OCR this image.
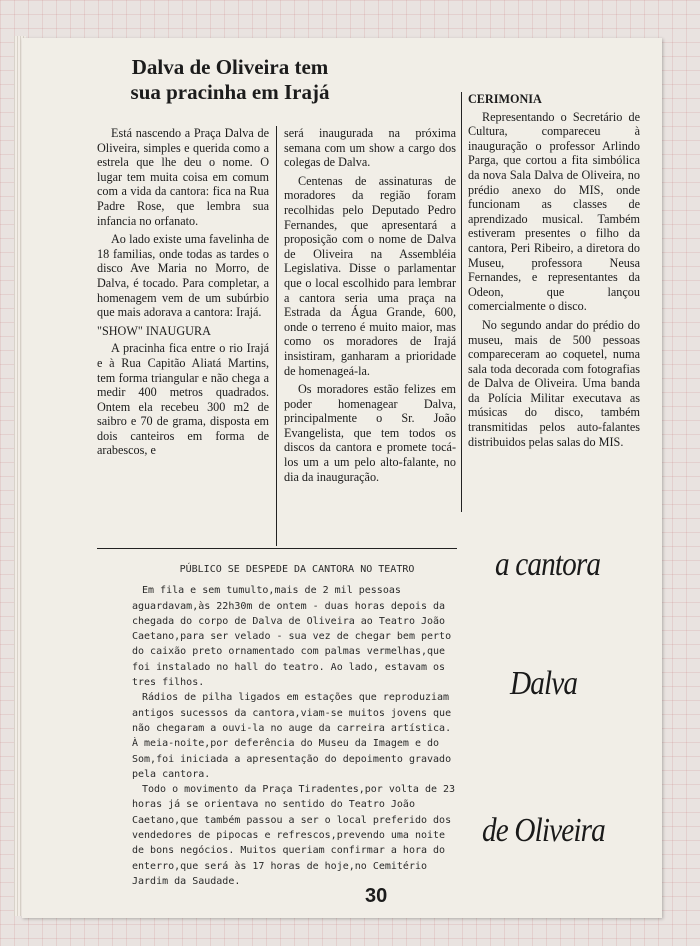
Dalva de Oliveira tem
sua pracinha em Irajá

Está nascendo a Praça Dalva de Oliveira, simples e querida como a estrela que lhe deu o nome. O lugar tem muita coisa em comum com a vida da cantora: fica na Rua Padre Rose, que lembra sua infancia no orfanato.

Ao lado existe uma favelinha de 18 familias, onde todas as tardes o disco Ave Maria no Morro, de Dalva, é tocado. Para completar, a homenagem vem de um subúrbio que mais adorava a cantora: Irajá.

"SHOW" INAUGURA

A pracinha fica entre o rio Irajá e à Rua Capitão Aliatá Martins, tem forma triangular e não chega a medir 400 metros quadrados. Ontem ela recebeu 300 m2 de saibro e 70 de grama, disposta em dois canteiros em forma de arabescos, e

será inaugurada na próxima semana com um show a cargo dos colegas de Dalva.

Centenas de assinaturas de moradores da região foram recolhidas pelo Deputado Pedro Fernandes, que apresentará a proposição com o nome de Dalva de Oliveira na Assembléia Legislativa. Disse o parlamentar que o local escolhido para lembrar a cantora seria uma praça na Estrada da Água Grande, 600, onde o terreno é muito maior, mas como os moradores de Irajá insistiram, ganharam a prioridade de homenageá-la.

Os moradores estão felizes em poder homenagear Dalva, principalmente o Sr. João Evangelista, que tem todos os discos da cantora e promete tocá-los um a um pelo alto-falante, no dia da inauguração.

CERIMONIA

Representando o Secretário de Cultura, compareceu à inauguração o professor Arlindo Parga, que cortou a fita simbólica da nova Sala Dalva de Oliveira, no prédio anexo do MIS, onde funcionam as classes de aprendizado musical. Também estiveram presentes o filho da cantora, Peri Ribeiro, a diretora do Museu, professora Neusa Fernandes, e representantes da Odeon, que lançou comercialmente o disco.

No segundo andar do prédio do museu, mais de 500 pessoas compareceram ao coquetel, numa sala toda decorada com fotografias de Dalva de Oliveira. Uma banda da Polícia Militar executava as músicas do disco, também transmitidas pelos auto-falantes distribuidos pelas salas do MIS.

PÚBLICO SE DESPEDE DA CANTORA NO TEATRO

Em fila e sem tumulto,mais de 2 mil pessoas aguardavam,às 22h30m de ontem - duas horas depois da chegada do corpo de Dalva de Oliveira ao Teatro João Caetano,para ser velado - sua vez de chegar bem perto do caixão preto ornamentado com palmas vermelhas,que foi instalado no hall do teatro. Ao lado, estavam os tres filhos.

Rádios de pilha ligados em estações que reproduziam antigos sucessos da cantora,viam-se muitos jovens que não chegaram a ouvi-la no auge da carreira artística. À meia-noite,por deferência do Museu da Imagem e do Som,foi iniciada a apresentação do depoimento gravado pela cantora.

Todo o movimento da Praça Tiradentes,por volta de 23 horas já se orientava no sentido do Teatro João Caetano,que também passou a ser o local preferido dos vendedores de pipocas e refrescos,prevendo uma noite de bons negócios. Muitos queriam confirmar a hora do enterro,que será às 17 horas de hoje,no Cemitério Jardim da Saudade.

a cantora
Dalva
de Oliveira
30
